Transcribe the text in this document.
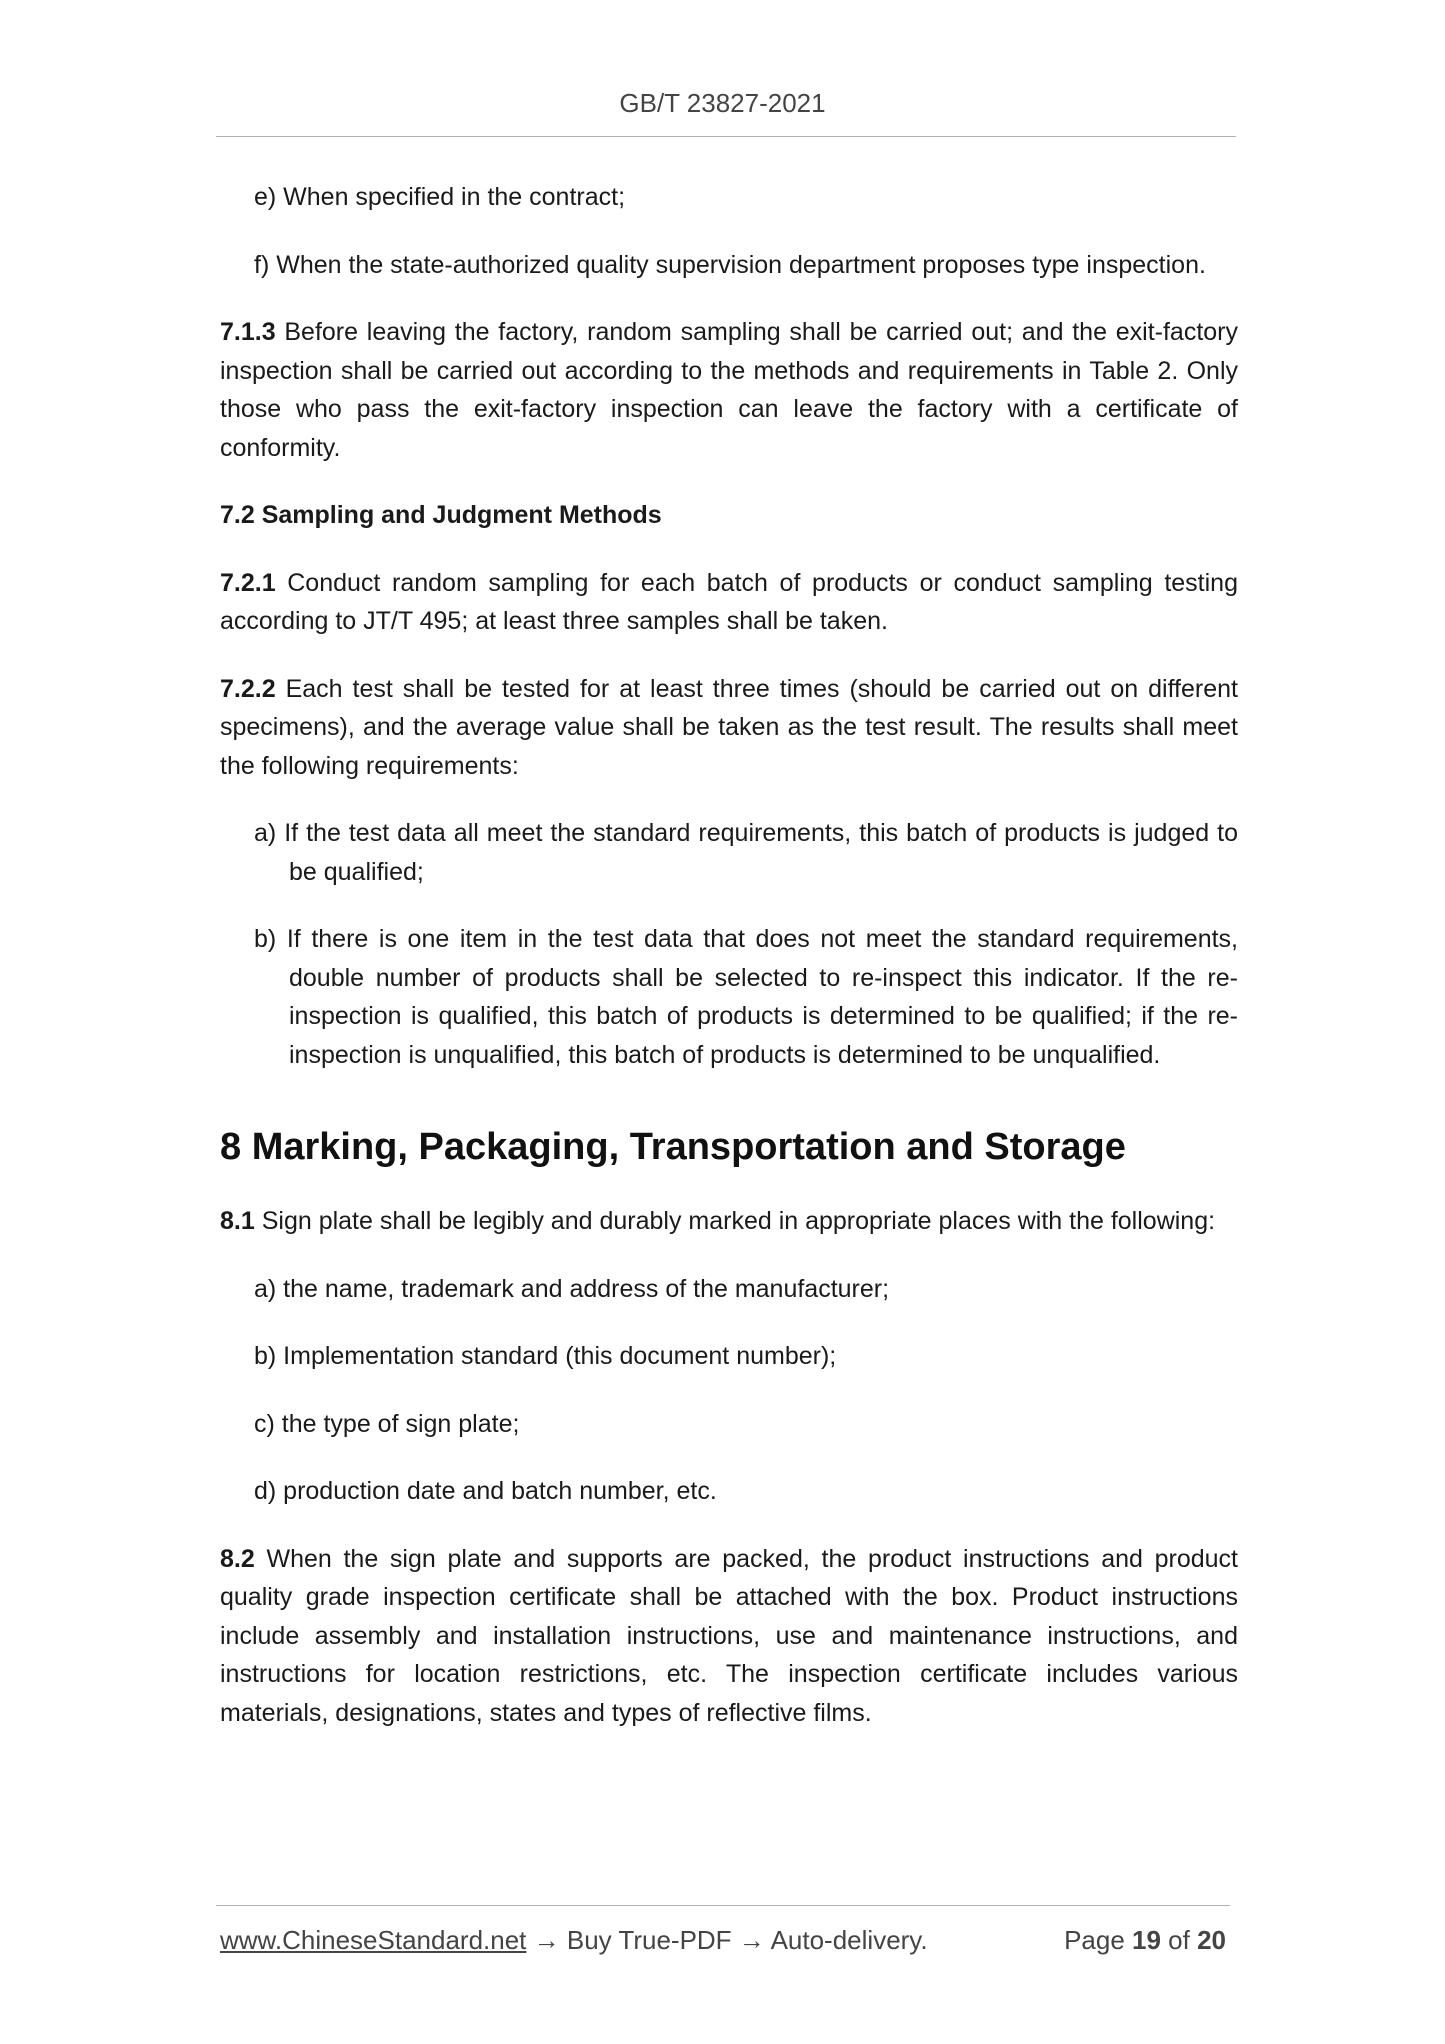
GB/T 23827-2021

e) When specified in the contract;

f) When the state-authorized quality supervision department proposes type inspection.

7.1.3 Before leaving the factory, random sampling shall be carried out; and the exit-factory inspection shall be carried out according to the methods and requirements in Table 2. Only those who pass the exit-factory inspection can leave the factory with a certificate of conformity.

7.2 Sampling and Judgment Methods

7.2.1 Conduct random sampling for each batch of products or conduct sampling testing according to JT/T 495; at least three samples shall be taken.

7.2.2 Each test shall be tested for at least three times (should be carried out on different specimens), and the average value shall be taken as the test result. The results shall meet the following requirements:

a) If the test data all meet the standard requirements, this batch of products is judged to be qualified;

b) If there is one item in the test data that does not meet the standard requirements, double number of products shall be selected to re-inspect this indicator. If the re-inspection is qualified, this batch of products is determined to be qualified; if the re-inspection is unqualified, this batch of products is determined to be unqualified.

8 Marking, Packaging, Transportation and Storage

8.1 Sign plate shall be legibly and durably marked in appropriate places with the following:

a) the name, trademark and address of the manufacturer;

b) Implementation standard (this document number);

c) the type of sign plate;

d) production date and batch number, etc.

8.2 When the sign plate and supports are packed, the product instructions and product quality grade inspection certificate shall be attached with the box. Product instructions include assembly and installation instructions, use and maintenance instructions, and instructions for location restrictions, etc. The inspection certificate includes various materials, designations, states and types of reflective films.

www.ChineseStandard.net → Buy True-PDF → Auto-delivery.	Page 19 of 20
